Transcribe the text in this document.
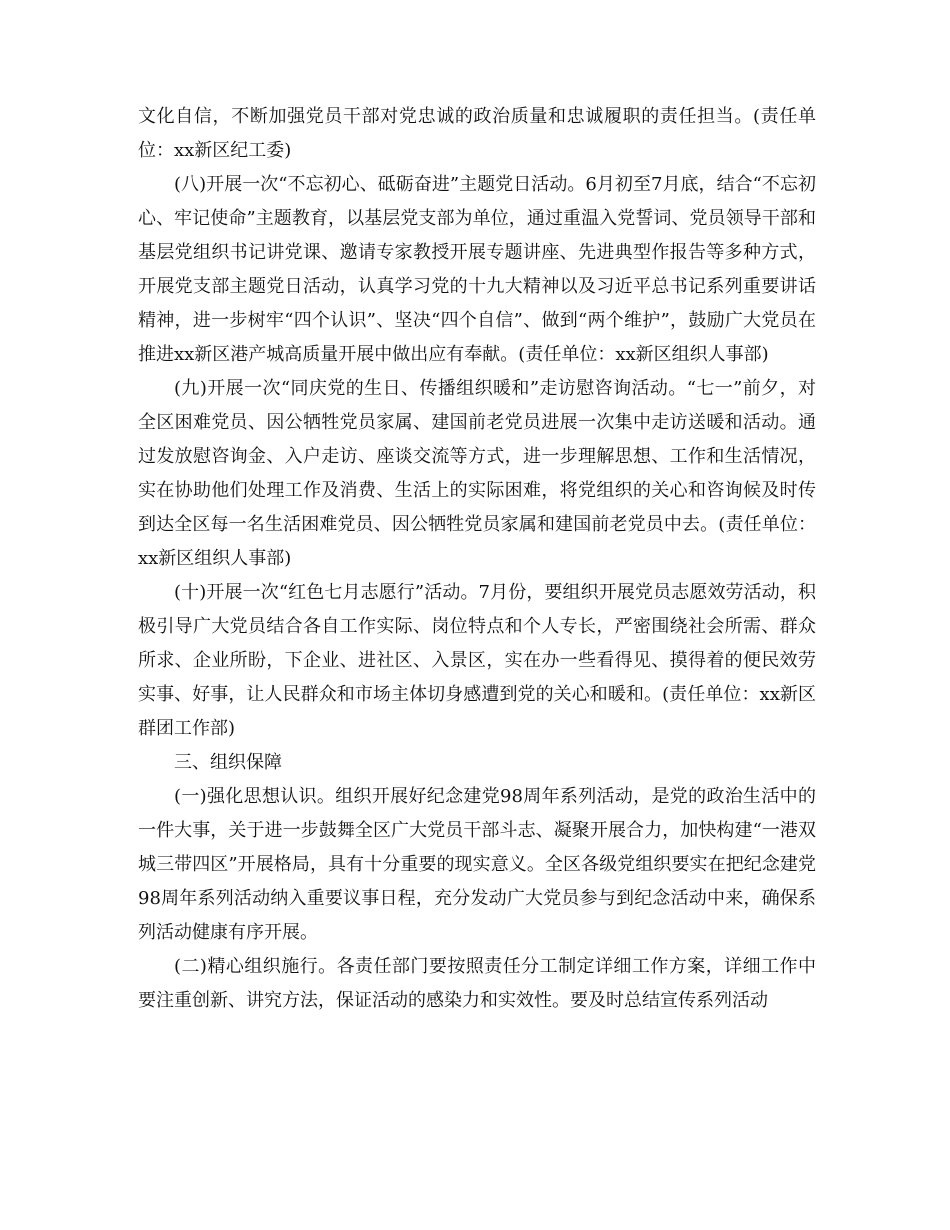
文化自信，不断加强党员干部对党忠诚的政治质量和忠诚履职的责任担当。(责任单位：xx新区纪工委)

(八)开展一次“不忘初心、砥砺奋进”主题党日活动。6月初至7月底，结合“不忘初心、牢记使命”主题教育，以基层党支部为单位，通过重温入党誓词、党员领导干部和基层党组织书记讲党课、邀请专家教授开展专题讲座、先进典型作报告等多种方式，开展党支部主题党日活动，认真学习党的十九大精神以及习近平总书记系列重要讲话精神，进一步树牢“四个认识”、坚决“四个自信”、做到“两个维护”，鼓励广大党员在推进xx新区港产城高质量开展中做出应有奉献。(责任单位：xx新区组织人事部)

(九)开展一次“同庆党的生日、传播组织暖和”走访慰咨询活动。“七一”前夕，对全区困难党员、因公牺牲党员家属、建国前老党员进展一次集中走访送暖和活动。通过发放慰咨询金、入户走访、座谈交流等方式，进一步理解思想、工作和生活情况，实在协助他们处理工作及消费、生活上的实际困难，将党组织的关心和咨询候及时传到达全区每一名生活困难党员、因公牺牲党员家属和建国前老党员中去。(责任单位：xx新区组织人事部)

(十)开展一次“红色七月志愿行”活动。7月份，要组织开展党员志愿效劳活动，积极引导广大党员结合各自工作实际、岗位特点和个人专长，严密围绕社会所需、群众所求、企业所盼，下企业、进社区、入景区，实在办一些看得见、摸得着的便民效劳实事、好事，让人民群众和市场主体切身感遭到党的关心和暖和。(责任单位：xx新区群团工作部)

三、组织保障

(一)强化思想认识。组织开展好纪念建党98周年系列活动，是党的政治生活中的一件大事，关于进一步鼓舞全区广大党员干部斗志、凝聚开展合力，加快构建“一港双城三带四区”开展格局，具有十分重要的现实意义。全区各级党组织要实在把纪念建党98周年系列活动纳入重要议事日程，充分发动广大党员参与到纪念活动中来，确保系列活动健康有序开展。

(二)精心组织施行。各责任部门要按照责任分工制定详细工作方案，详细工作中要注重创新、讲究方法，保证活动的感染力和实效性。要及时总结宣传系列活动
